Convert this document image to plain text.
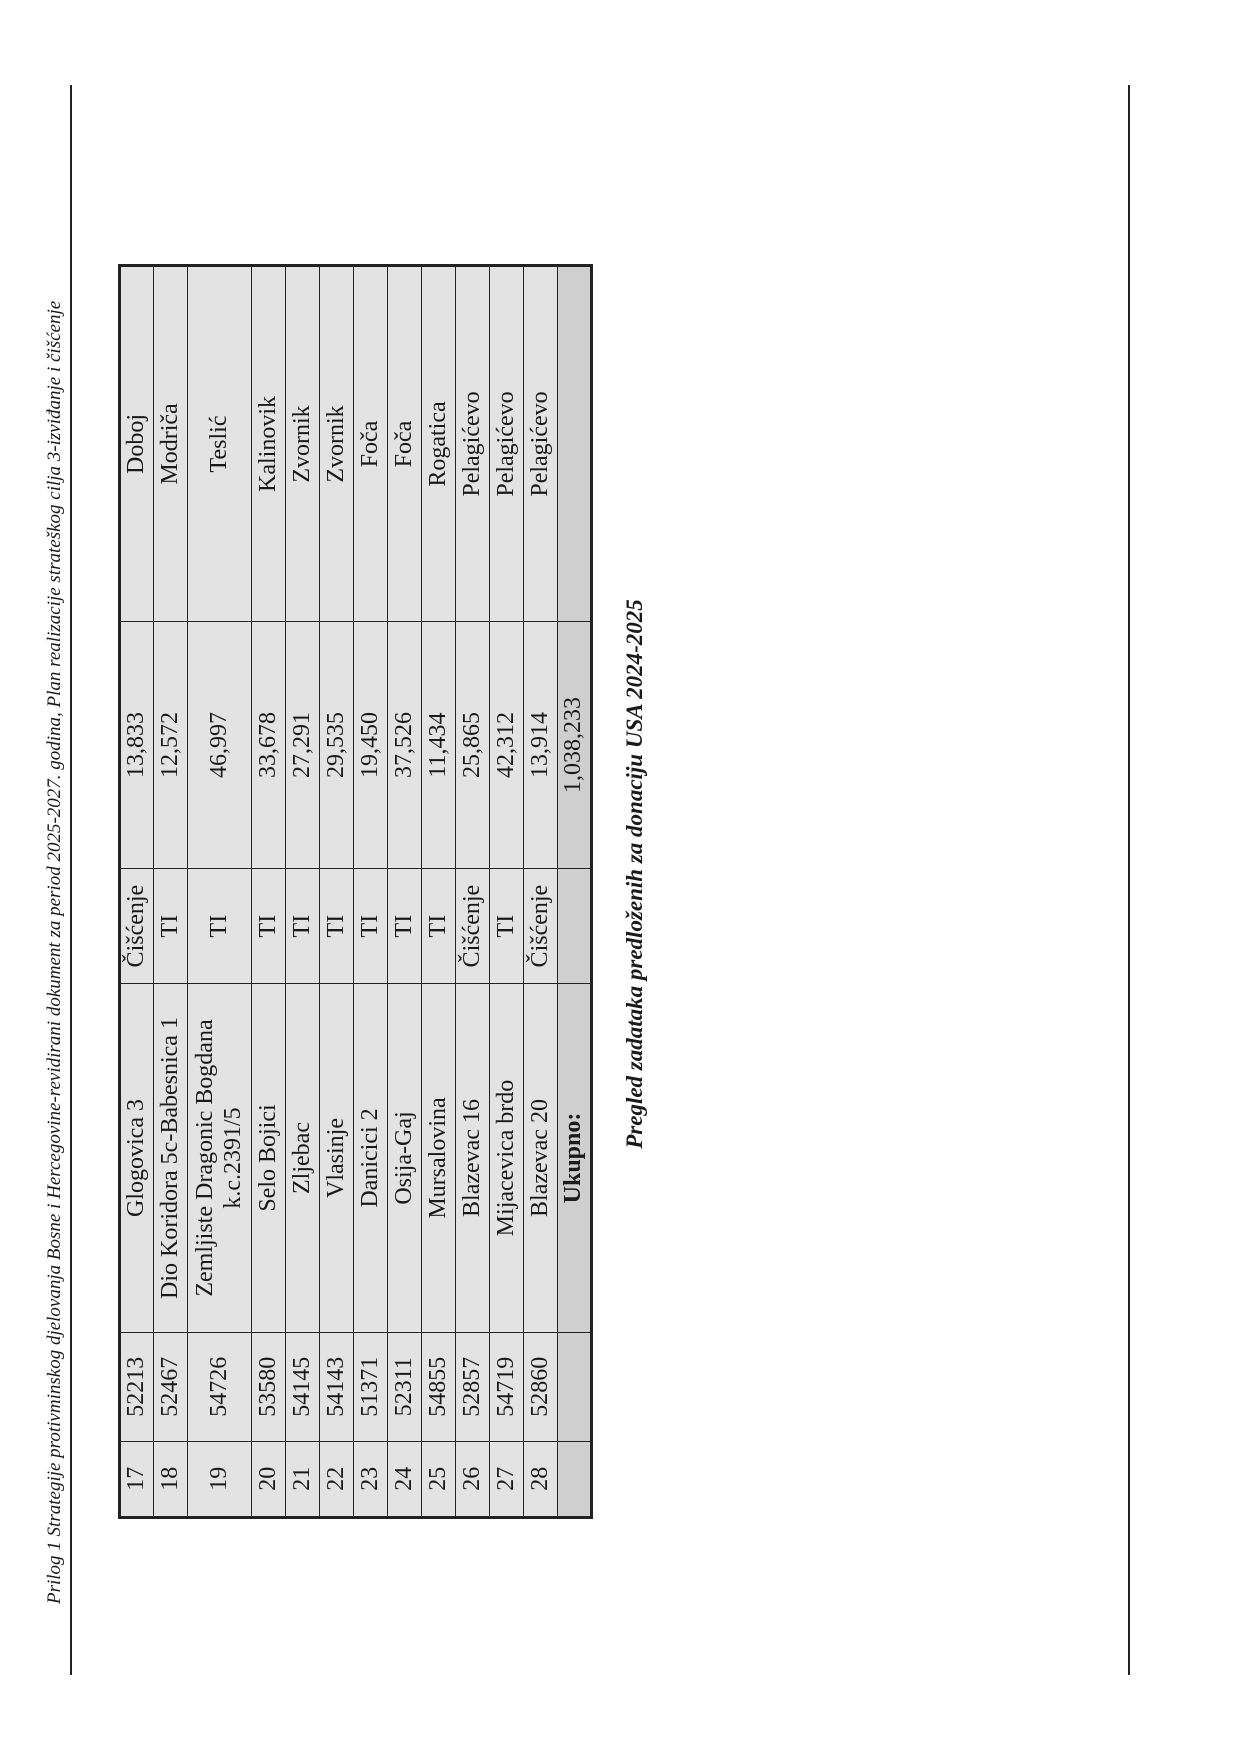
Prilog 1 Strategije protivminskog djelovanja Bosne i Hercegovine-revidirani dokument za period 2025-2027. godina, Plan realizacije strateškog cilja 3-izviđanje i čišćenje 17	52213	Glogovica 3	Čišćenje	13,833	Doboj
18	52467	Dio Koridora 5c-Babesnica 1	TI	12,572	Modriča
19	54726	Zemljiste Dragonic Bogdana k.c.2391/5	TI	46,997	Teslić
20	53580	Selo Bojici	TI	33,678	Kalinovik
21	54145	Zljebac	TI	27,291	Zvornik
22	54143	Vlasinje	TI	29,535	Zvornik
23	51371	Danicici 2	TI	19,450	Foča
24	52311	Osija-Gaj	TI	37,526	Foča
25	54855	Mursalovina	TI	11,434	Rogatica
26	52857	Blazevac 16	Čišćenje	25,865	Pelagićevo
27	54719	Mijacevica brdo	TI	42,312	Pelagićevo
28	52860	Blazevac 20	Čišćenje	13,914	Pelagićevo
		Ukupno:		1,038,233	Pregled zadataka predloženih za donaciju USA 2024-2025
